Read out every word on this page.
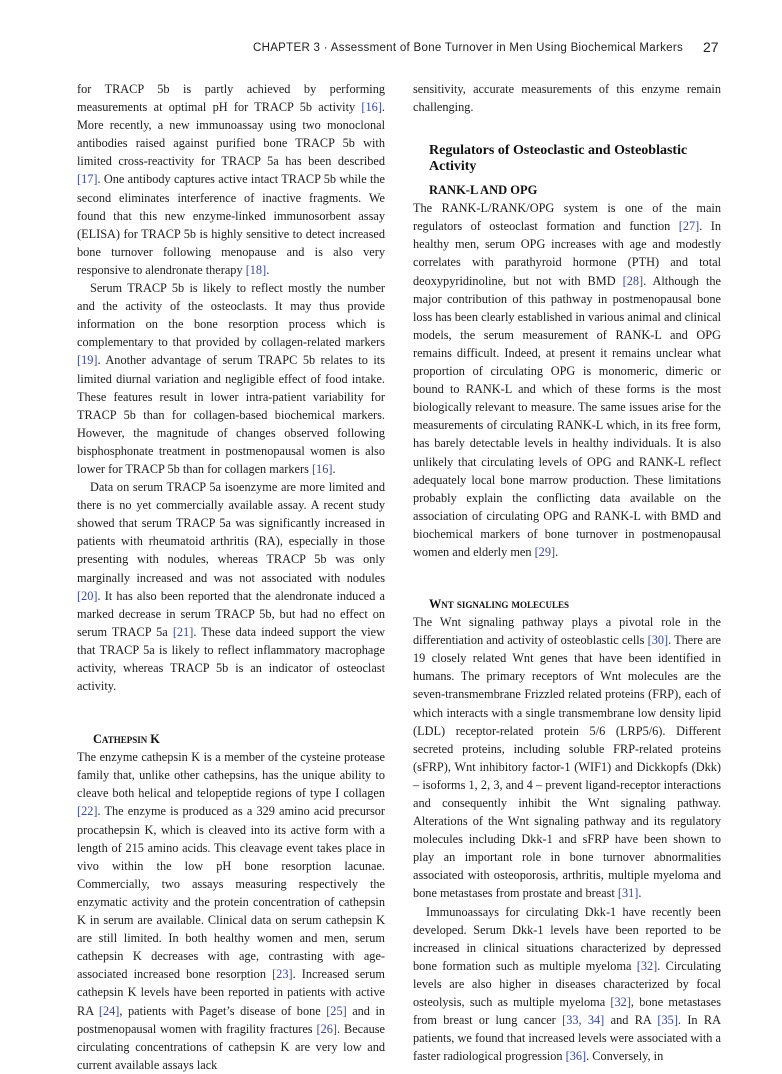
CHAPTER 3 · Assessment of Bone Turnover in Men Using Biochemical Markers 27

for TRACP 5b is partly achieved by performing measurements at optimal pH for TRACP 5b activity [16]. More recently, a new immunoassay using two monoclonal antibodies raised against purified bone TRACP 5b with limited cross-reactivity for TRACP 5a has been described [17]. One antibody captures active intact TRACP 5b while the second eliminates interference of inactive fragments. We found that this new enzyme-linked immunosorbent assay (ELISA) for TRACP 5b is highly sensitive to detect increased bone turnover following menopause and is also very responsive to alendronate therapy [18].

Serum TRACP 5b is likely to reflect mostly the number and the activity of the osteoclasts. It may thus provide information on the bone resorption process which is complementary to that provided by collagen-related markers [19]. Another advantage of serum TRAPC 5b relates to its limited diurnal variation and negligible effect of food intake. These features result in lower intra-patient variability for TRACP 5b than for collagen-based biochemical markers. However, the magnitude of changes observed following bisphosphonate treatment in postmenopausal women is also lower for TRACP 5b than for collagen markers [16].

Data on serum TRACP 5a isoenzyme are more limited and there is no yet commercially available assay. A recent study showed that serum TRACP 5a was significantly increased in patients with rheumatoid arthritis (RA), especially in those presenting with nodules, whereas TRACP 5b was only marginally increased and was not associated with nodules [20]. It has also been reported that the alendronate induced a marked decrease in serum TRACP 5b, but had no effect on serum TRACP 5a [21]. These data indeed support the view that TRACP 5a is likely to reflect inflammatory macrophage activity, whereas TRACP 5b is an indicator of osteoclast activity.

Cathepsin K

The enzyme cathepsin K is a member of the cysteine protease family that, unlike other cathepsins, has the unique ability to cleave both helical and telopeptide regions of type I collagen [22]. The enzyme is produced as a 329 amino acid precursor procathepsin K, which is cleaved into its active form with a length of 215 amino acids. This cleavage event takes place in vivo within the low pH bone resorption lacunae. Commercially, two assays measuring respectively the enzymatic activity and the protein concentration of cathepsin K in serum are available. Clinical data on serum cathepsin K are still limited. In both healthy women and men, serum cathepsin K decreases with age, contrasting with age-associated increased bone resorption [23]. Increased serum cathepsin K levels have been reported in patients with active RA [24], patients with Paget’s disease of bone [25] and in postmenopausal women with fragility fractures [26]. Because circulating concentrations of cathepsin K are very low and current available assays lack

sensitivity, accurate measurements of this enzyme remain challenging.

Regulators of Osteoclastic and Osteoblastic Activity
RANK-L AND OPG

The RANK-L/RANK/OPG system is one of the main regulators of osteoclast formation and function [27]. In healthy men, serum OPG increases with age and modestly correlates with parathyroid hormone (PTH) and total deoxypyridinoline, but not with BMD [28]. Although the major contribution of this pathway in postmenopausal bone loss has been clearly established in various animal and clinical models, the serum measurement of RANK-L and OPG remains difficult. Indeed, at present it remains unclear what proportion of circulating OPG is monomeric, dimeric or bound to RANK-L and which of these forms is the most biologically relevant to measure. The same issues arise for the measurements of circulating RANK-L which, in its free form, has barely detectable levels in healthy individuals. It is also unlikely that circulating levels of OPG and RANK-L reflect adequately local bone marrow production. These limitations probably explain the conflicting data available on the association of circulating OPG and RANK-L with BMD and biochemical markers of bone turnover in postmenopausal women and elderly men [29].

Wnt signaling molecules

The Wnt signaling pathway plays a pivotal role in the differentiation and activity of osteoblastic cells [30]. There are 19 closely related Wnt genes that have been identified in humans. The primary receptors of Wnt molecules are the seven-transmembrane Frizzled related proteins (FRP), each of which interacts with a single transmembrane low density lipid (LDL) receptor-related protein 5/6 (LRP5/6). Different secreted proteins, including soluble FRP-related proteins (sFRP), Wnt inhibitory factor-1 (WIF1) and Dickkopfs (Dkk) – isoforms 1, 2, 3, and 4 – prevent ligand-receptor interactions and consequently inhibit the Wnt signaling pathway. Alterations of the Wnt signaling pathway and its regulatory molecules including Dkk-1 and sFRP have been shown to play an important role in bone turnover abnormalities associated with osteoporosis, arthritis, multiple myeloma and bone metastases from prostate and breast [31].

Immunoassays for circulating Dkk-1 have recently been developed. Serum Dkk-1 levels have been reported to be increased in clinical situations characterized by depressed bone formation such as multiple myeloma [32]. Circulating levels are also higher in diseases characterized by focal osteolysis, such as multiple myeloma [32], bone metastases from breast or lung cancer [33, 34] and RA [35]. In RA patients, we found that increased levels were associated with a faster radiological progression [36]. Conversely, in
